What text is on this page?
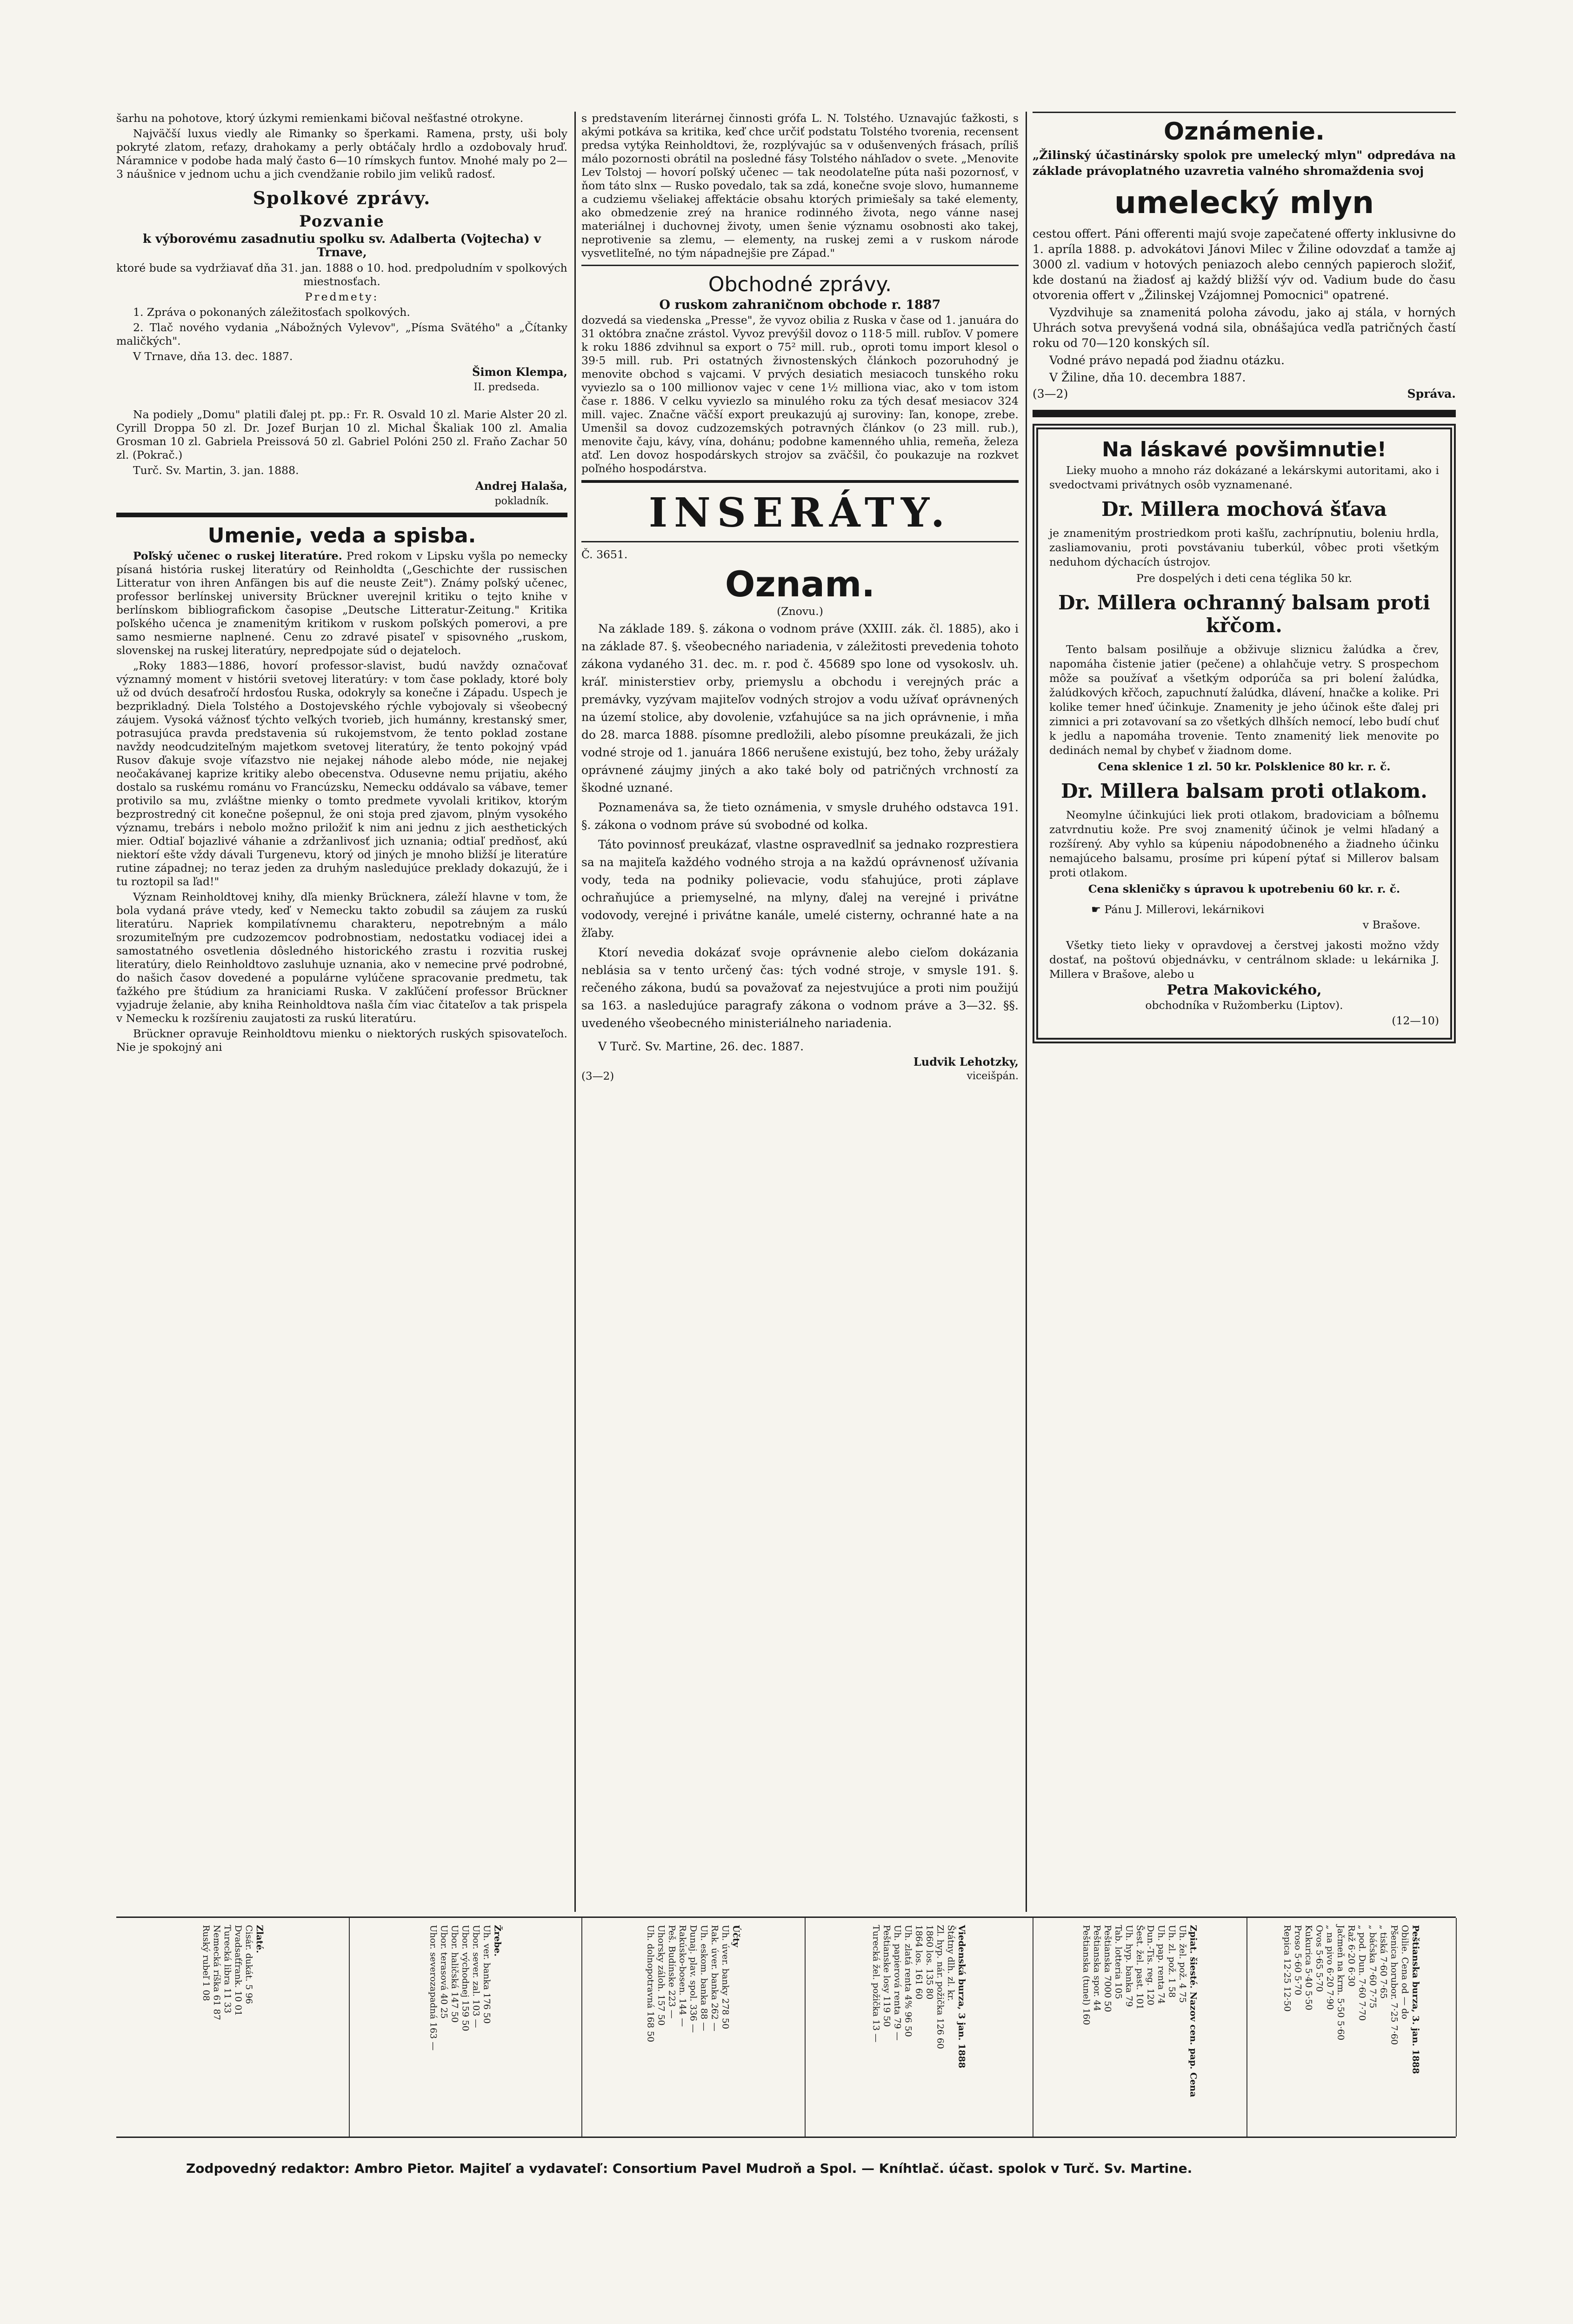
šarhu na pohotove, ktorý úzkymi remienkami bičoval nešťastné otrokyne.

Najväčší luxus viedly ale Rimanky so šperkami. Ramena, prsty, uši boly pokryté zlatom, reťazy, drahokamy a perly obtáčaly hrdlo a ozdobovaly hruď. Náramnice v podobe hada malý často 6—10 rímskych funtov. Mnohé maly po 2—3 náušnice v jednom uchu a jich cvendžanie robilo jim veliků radosť.

Spolkové zprávy.
Pozvanie

k výborovému zasadnutiu spolku sv. Adalberta (Vojtecha) v Trnave,

ktoré bude sa vydržiavať dňa 31. jan. 1888 o 10. hod. predpoludním v spolkových miestnosťach.

Predmety:

1. Zpráva o pokonaných záležitosťach spolkových.

2. Tlač nového vydania „Nábožných Vylevov", „Písma Svätého" a „Čítanky maličkých".

V Trnave, dňa 13. dec. 1887.

Šimon Klempa,

II. predseda.

Na podiely „Domu" platili ďalej pt. pp.: Fr. R. Osvald 10 zl. Marie Alster 20 zl. Cyrill Droppa 50 zl. Dr. Jozef Burjan 10 zl. Michal Škaliak 100 zl. Amalia Grosman 10 zl. Gabriela Preissová 50 zl. Gabriel Polóni 250 zl. Fraňo Zachar 50 zl. (Pokrač.)

Turč. Sv. Martin, 3. jan. 1888.

Andrej Halaša,

pokladník.

Umenie, veda a spisba.

Poľský učenec o ruskej literatúre. Pred rokom v Lipsku vyšla po nemecky písaná história ruskej literatúry od Reinholdta („Geschichte der russischen Litteratur von ihren Anfängen bis auf die neuste Zeit"). Známy poľský učenec, professor berlínskej university Brückner uverejnil kritiku o tejto knihe v berlínskom bibliografickom časopise „Deutsche Litteratur-Zeitung." Kritika poľského učenca je znamenitým kritikom v ruskom poľských pomerovi, a pre samo nesmierne naplnené. Cenu zo zdravé pisateľ v spisovného „ruskom, slovenskej na ruskej literatúry, nepredpojate súd o dejateloch.

„Roky 1883—1886, hovorí professor-slavist, budú navždy označovať významný moment v histórii svetovej literatúry: v tom čase poklady, ktoré boly už od dvúch desaťročí hrdosťou Ruska, odokryly sa konečne i Západu. Uspech je bezprikladný. Diela Tolstého a Dostojevského rýchle vybojovaly si všeobecný záujem. Vysoká vážnosť týchto veľkých tvorieb, jich humánny, krestanský smer, potrasujúca pravda predstavenia sú rukojemstvom, že tento poklad zostane navždy neodcudziteľným majetkom svetovej literatúry, že tento pokojný vpád Rusov ďakuje svoje víťazstvo nie nejakej náhode alebo móde, nie nejakej neočakávanej kaprize kritiky alebo obecenstva. Odusevne nemu prijatiu, akého dostalo sa ruskému románu vo Francúzsku, Nemecku oddávalo sa vábave, temer protivilo sa mu, zvláštne mienky o tomto predmete vyvolali kritikov, ktorým bezprostredný cit konečne pošepnul, že oni stoja pred zjavom, plným vysokého významu, trebárs i nebolo možno priložiť k nim ani jednu z jich aesthetických mier. Odtiaľ bojazlivé váhanie a zdržanlivosť jich uznania; odtiaľ predňosť, akú niektorí ešte vždy dávali Turgenevu, ktorý od jiných je mnoho bližší je literatúre rutine západnej; no teraz jeden za druhým nasledujúce preklady dokazujú, že i tu roztopil sa ľad!"

Význam Reinholdtovej knihy, dľa mienky Brücknera, záleží hlavne v tom, že bola vydaná práve vtedy, keď v Nemecku takto zobudil sa záujem za ruskú literatúru. Napriek kompilatívnemu charakteru, nepotrebným a málo srozumiteľným pre cudzozemcov podrobnostiam, nedostatku vodiacej idei a samostatného osvetlenia dôsledného historického zrastu i rozvitia ruskej literatúry, dielo Reinholdtovo zasluhuje uznania, ako v nemecine prvé podrobné, do našich časov dovedené a populárne vylúčene spracovanie predmetu, tak ťažkého pre štúdium za hraniciami Ruska. V zakľúčení professor Brückner vyjadruje želanie, aby kniha Reinholdtova našla čím viac čitateľov a tak prispela v Nemecku k rozšíreniu zaujatosti za ruskú literatúru.

Brückner opravuje Reinholdtovu mienku o niektorých ruských spisovateľoch. Nie je spokojný ani

s predstavením literárnej činnosti grófa L. N. Tolstého. Uznavajúc ťažkosti, s akými potkáva sa kritika, keď chce určiť podstatu Tolstého tvorenia, recensent predsa vytýka Reinholdtovi, že, rozplývajúc sa v odušenvených frásach, príliš málo pozornosti obrátil na posledné fásy Tolstého náhľadov o svete. „Menovite Lev Tolstoj — hovorí poľský učenec — tak neodolateľne púta naši pozornosť, v ňom táto slnx — Rusko povedalo, tak sa zdá, konečne svoje slovo, humanneme a cudziemu všeliakej affektácie obsahu ktorých primiešaly sa také elementy, ako obmedzenie zreý na hranice rodinného života, nego vánne nasej materiálnej i duchovnej životy, umen šenie významu osobnosti ako takej, neprotivenie sa zlemu, — elementy, na ruskej zemi a v ruskom národe vysvetliteľné, no tým nápadnejšie pre Západ."

Obchodné zprávy.

O ruskom zahraničnom obchode r. 1887

dozvedá sa viedenska „Presse", že vyvoz obilia z Ruska v čase od 1. januára do 31 októbra značne zrástol. Vyvoz prevýšil dovoz o 118·5 mill. rubľov. V pomere k roku 1886 zdvihnul sa export o 75² mill. rub., oproti tomu import klesol o 39·5 mill. rub. Pri ostatných živnostenských článkoch pozoruhodný je menovite obchod s vajcami. V prvých desiatich mesiacoch tunského roku vyviezlo sa o 100 millionov vajec v cene 1½ milliona viac, ako v tom istom čase r. 1886. V celku vyviezlo sa minulého roku za tých desať mesiacov 324 mill. vajec. Značne väčší export preukazujú aj suroviny: ľan, konope, zrebe. Umenšil sa dovoz cudzozemských potravných článkov (o 23 mill. rub.), menovite čaju, kávy, vína, dohánu; podobne kamenného uhlia, remeňa, železa atď. Len dovoz hospodárskych strojov sa zväčšil, čo poukazuje na rozkvet poľného hospodárstva.

INSERÁTY.

Č. 3651.

Oznam.

(Znovu.)

Na základe 189. §. zákona o vodnom práve (XXIII. zák. čl. 1885), ako i na základe 87. §. všeobecného nariadenia, v záležitosti prevedenia tohoto zákona vydaného 31. dec. m. r. pod č. 45689 spo lone od vysokoslv. uh. kráľ. ministerstiev orby, priemyslu a obchodu i verejných prác a premávky, vyzývam majiteľov vodných strojov a vodu užívať oprávnených na území stolice, aby dovolenie, vzťahujúce sa na jich oprávnenie, i mňa do 28. marca 1888. písomne predložili, alebo písomne preukázali, že jich vodné stroje od 1. januára 1866 nerušene existujú, bez toho, žeby urážaly oprávnené záujmy jiných a ako také boly od patričných vrchností za škodné uznané.

Poznamenáva sa, že tieto oznámenia, v smysle druhého odstavca 191. §. zákona o vodnom práve sú svobodné od kolka.

Táto povinnosť preukázať, vlastne ospravedlniť sa jednako rozprestiera sa na majiteľa každého vodného stroja a na každú oprávnenosť užívania vody, teda na podniky polievacie, vodu sťahujúce, proti záplave ochraňujúce a priemyselné, na mlyny, ďalej na verejné i privátne vodovody, verejné i privátne kanále, umelé cisterny, ochranné hate a na žľaby.

Ktorí nevedia dokázať svoje oprávnenie alebo cieľom dokázania neblásia sa v tento určený čas: tých vodné stroje, v smysle 191. §. rečeného zákona, budú sa považovať za nejestvujúce a proti nim použijú sa 163. a nasledujúce paragrafy zákona o vodnom práve a 3—32. §§. uvedeného všeobecného ministeriálneho nariadenia.

V Turč. Sv. Martine, 26. dec. 1887.

Ludvik Lehotzky,

(3—2)	viceišpán.
Oznámenie.

„Žilinský účastinársky spolok pre umelecký mlyn" odpredáva na základe právoplatného uzavretia valného shromaždenia svoj

umelecký mlyn

cestou offert. Páni offerenti majú svoje zapečatené offerty inklusivne do 1. apríla 1888. p. advokátovi Jánovi Milec v Žiline odovzdať a tamže aj 3000 zl. vadium v hotových peniazoch alebo cenných papieroch složiť, kde dostanú na žiadosť aj každý bližší výv od. Vadium bude do času otvorenia offert v „Žilinskej Vzájomnej Pomocnici" opatrené.

Vyzdvihuje sa znamenitá poloha závodu, jako aj stála, v horných Uhrách sotva prevyšená vodná sila, obnášajúca vedľa patričných častí roku od 70—120 konských síl.

Vodné právo nepadá pod žiadnu otázku.

V Žiline, dňa 10. decembra 1887.

(3—2)	Správa.
Na láskavé povšimnutie!

Lieky muoho a mnoho ráz dokázané a lekárskymi autoritami, ako i svedoctvami privátnych osôb vyznamenané.

Dr. Millera mochová šťava

je znamenitým prostriedkom proti kašľu, zachrípnutiu, boleniu hrdla, zasliamovaniu, proti povstávaniu tuberkúl, vôbec proti všetkým neduhom dýchacích ústrojov.

Pre dospelých i deti cena téglika 50 kr.

Dr. Millera ochranný balsam proti křčom.

Tento balsam posilňuje a obživuje sliznicu žalúdka a črev, napomáha čistenie jatier (pečene) a ohlahčuje vetry. S prospechom môže sa používať a všetkým odporúča sa pri bolení žalúdka, žalúdkových křčoch, zapuchnutí žalúdka, dlávení, hnačke a kolike. Pri kolike temer hneď účinkuje. Znamenity je jeho účinok ešte ďalej pri zimnici a pri zotavovaní sa zo všetkých dlhších nemocí, lebo budí chuť k jedlu a napomáha trovenie. Tento znamenitý liek menovite po dedinách nemal by chybeť v žiadnom dome.

Cena sklenice 1 zl. 50 kr. Polsklenice 80 kr. r. č.

Dr. Millera balsam proti otlakom.

Neomylne účinkujúci liek proti otlakom, bradoviciam a bôľnemu zatvrdnutiu kože. Pre svoj znamenitý účinok je velmi hľadaný a rozšírený. Aby vyhlo sa kúpeniu nápodobneného a žiadneho účinku nemajúceho balsamu, prosíme pri kúpení pýtať si Millerov balsam proti otlakom.

Cena skleničky s úpravou k upotrebeniu 60 kr. r. č.

☛ Pánu J. Millerovi, lekárnikovi

v Brašove.

Všetky tieto lieky v opravdovej a čerstvej jakosti možno vždy dostať, na poštovú objednávku, v centrálnom sklade: u lekárnika J. Millera v Brašove, alebo u

Petra Makovického,

obchodníka v Ružomberku (Liptov).

(12—10)

Peštianska burza, 3. jan. 1888
Obilie. Cena od — do
Pšenica horubor. 7·25 7·60
„ tiská 7·60 7·65
„ báčska 7·60 7·75
„ pod. Dun. 7·60 7·70
Raž 6·20 6·30
Jačmeň na krm. 5·50 5·60
„ na pivo 6·20 7·90
Ovos 5·65 5·70
Kukurica 5·40 5·50
Proso 5·60 5·70
Repica 12·25 12·50
Zpiat. šiesté. Nazov cen. pap. Cena
Uh. žel. pož. 4 75
Uh. zl. pož. 1 58
Uh. pap. renta 74
Dun.-Tis. reg. 120
Šest. žel. past. 101
Uh. hyp. banka 79
Tab. lotteria 105
Peštianska 7000 50
Peštianska spor. 44
Peštianska (tunel) 160
Viedenská burza, 3 jan. 1888
Štátny dlh. zl. kr.
Zl. hyp. nár. požička 126 60
1860 los. 135 80
1864 los. 161 60
Uh. zlatá renta 4% 96 50
Uh. papierová renta 79 —
Peštianske losy 119 50
Turecká žel. požička 13 —
Účty
Uh. úver. banky 278 50
Rak. úver. banka 262 —
Uh. eskom. banka 88 —
Dunaj. plav. spol. 336 —
Rakúsko-bosen. 144 —
Peš. Budínske 223 —
Uhorsky záloh. 157 50
Uh. dolnopotravná 168 50
Žrebe.
Uh. ver. banka 176 50
Ubor. sever. zal. 103 —
Ubor. východnej 159 50
Ubor. haličská 147 50
Ubor. terasová 40 25
Uhor. severozapadná 163 —
Zlaté.
Cisár. dukát. 5 96
Dvadsaťfrank. 10 01
Turecká libra 11 33
Nemecká ríška 61 87
Ruský rubeľ 1 08
Zodpovedný redaktor: Ambro Pietor. Majiteľ a vydavateľ: Consortium Pavel Mudroň a Spol. — Kníhtlač. účast. spolok v Turč. Sv. Martine.
